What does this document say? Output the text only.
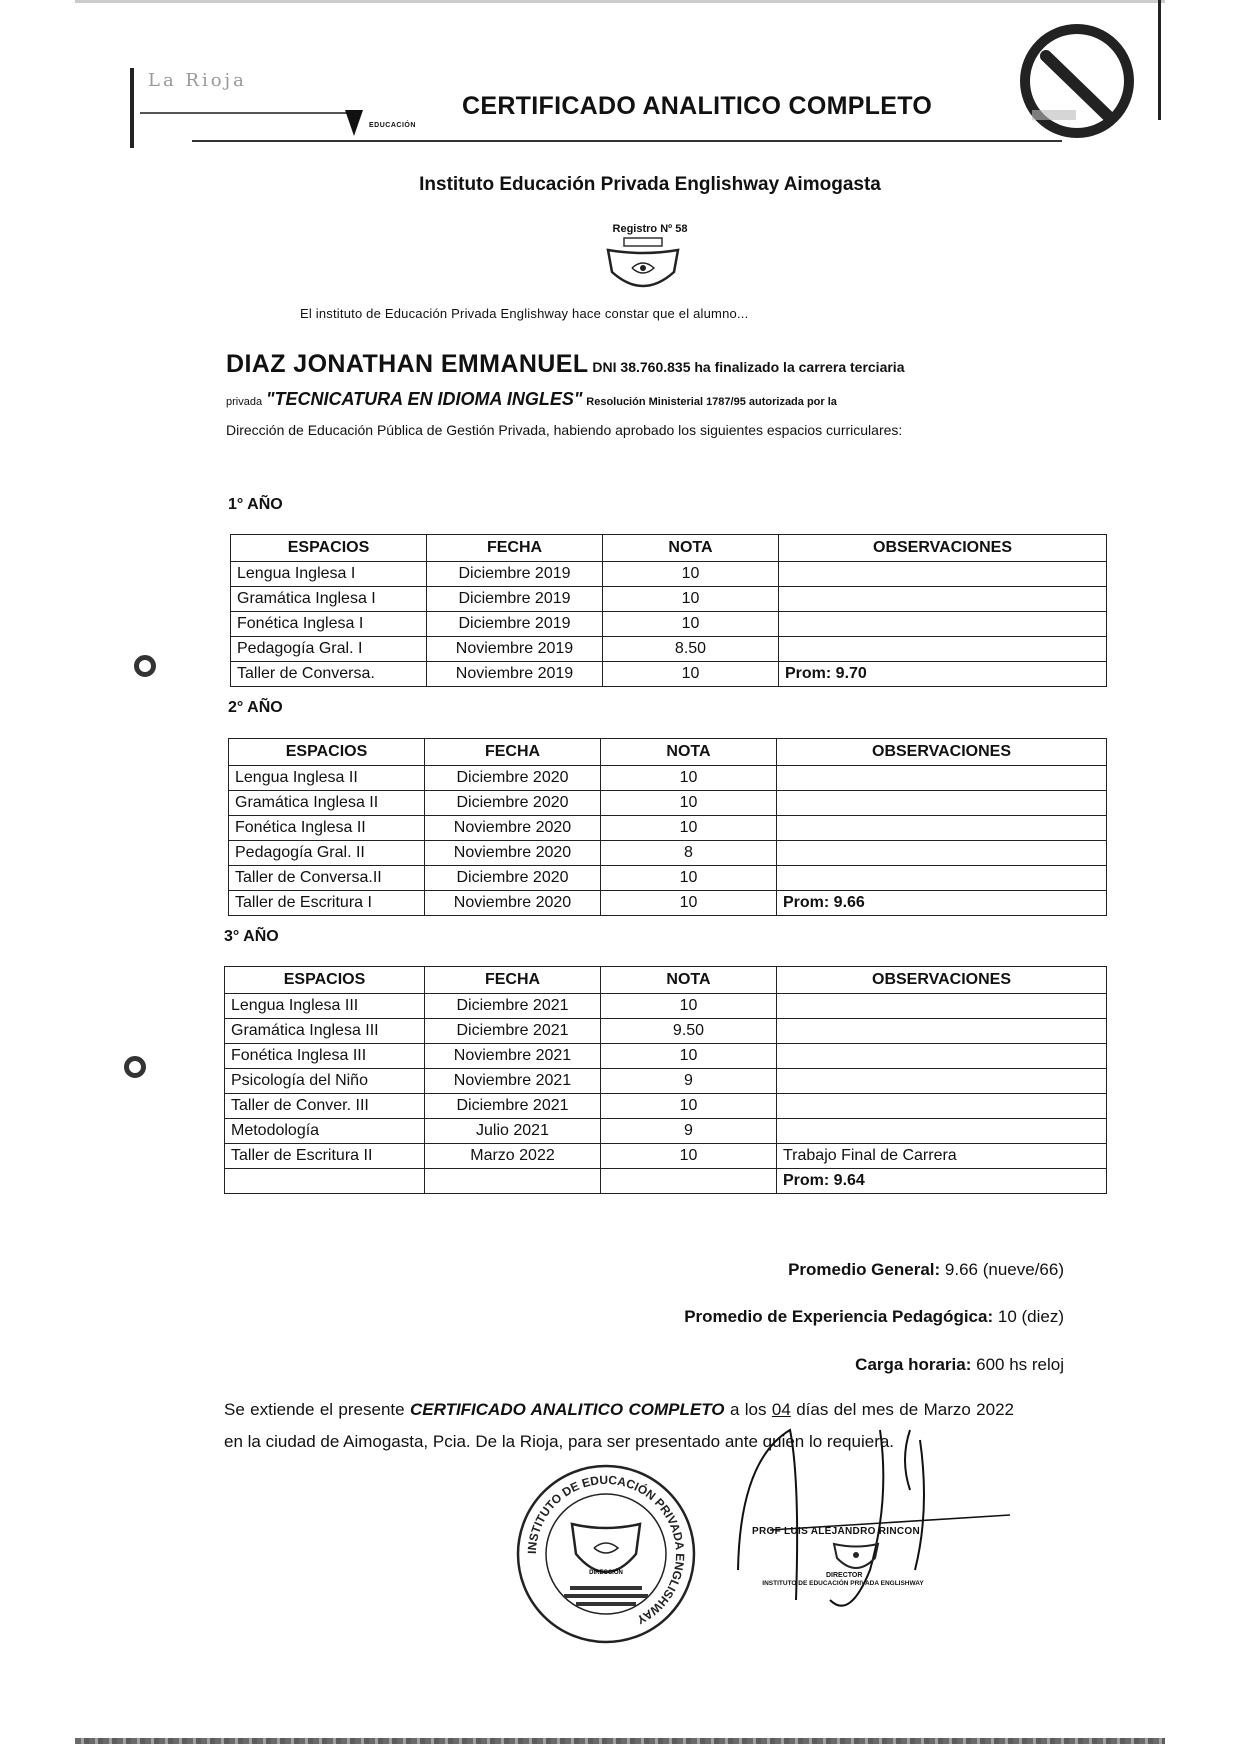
La Rioja
EDUCACIÓN
CERTIFICADO ANALITICO COMPLETO
Instituto Educación Privada Englishway Aimogasta
Registro Nº 58
El instituto de Educación Privada Englishway hace constar que el alumno...
DIAZ JONATHAN EMMANUEL DNI 38.760.835 ha finalizado la carrera terciaria
privada "TECNICATURA EN IDIOMA INGLES" Resolución Ministerial 1787/95 autorizada por la
Dirección de Educación Pública de Gestión Privada, habiendo aprobado los siguientes espacios curriculares:
1° AÑO
2° AÑO
3° AÑO
ESPACIOS	FECHA	NOTA	OBSERVACIONES
Lengua Inglesa I	Diciembre 2019	10	
Gramática Inglesa I	Diciembre 2019	10	
Fonética Inglesa I	Diciembre 2019	10	
Pedagogía Gral. I	Noviembre 2019	8.50	
Taller de Conversa.	Noviembre 2019	10	Prom: 9.70
ESPACIOS	FECHA	NOTA	OBSERVACIONES
Lengua Inglesa II	Diciembre 2020	10	
Gramática Inglesa II	Diciembre 2020	10	
Fonética Inglesa II	Noviembre 2020	10	
Pedagogía Gral. II	Noviembre 2020	8	
Taller de Conversa.II	Diciembre 2020	10	
Taller de Escritura I	Noviembre 2020	10	Prom: 9.66
ESPACIOS	FECHA	NOTA	OBSERVACIONES
Lengua Inglesa III	Diciembre 2021	10	
Gramática Inglesa III	Diciembre 2021	9.50	
Fonética Inglesa III	Noviembre 2021	10	
Psicología del Niño	Noviembre 2021	9	
Taller de Conver. III	Diciembre 2021	10	
Metodología	Julio 2021	9	
Taller de Escritura II	Marzo 2022	10	Trabajo Final de Carrera
			Prom: 9.64
Promedio General: 9.66 (nueve/66)
Promedio de Experiencia Pedagógica: 10 (diez)
Carga horaria: 600 hs reloj
Se extiende el presente CERTIFICADO ANALITICO COMPLETO a los 04 días del mes de Marzo 2022 en la ciudad de Aimogasta, Pcia. De la Rioja, para ser presentado ante quien lo requiera.
INSTITUTO DE EDUCACIÓN PRIVADA ENGLISHWAY
DIRECCIÓN
PROF LUIS ALEJANDRO RINCON
DIRECTOR
INSTITUTO DE EDUCACIÓN PRIVADA ENGLISHWAY
